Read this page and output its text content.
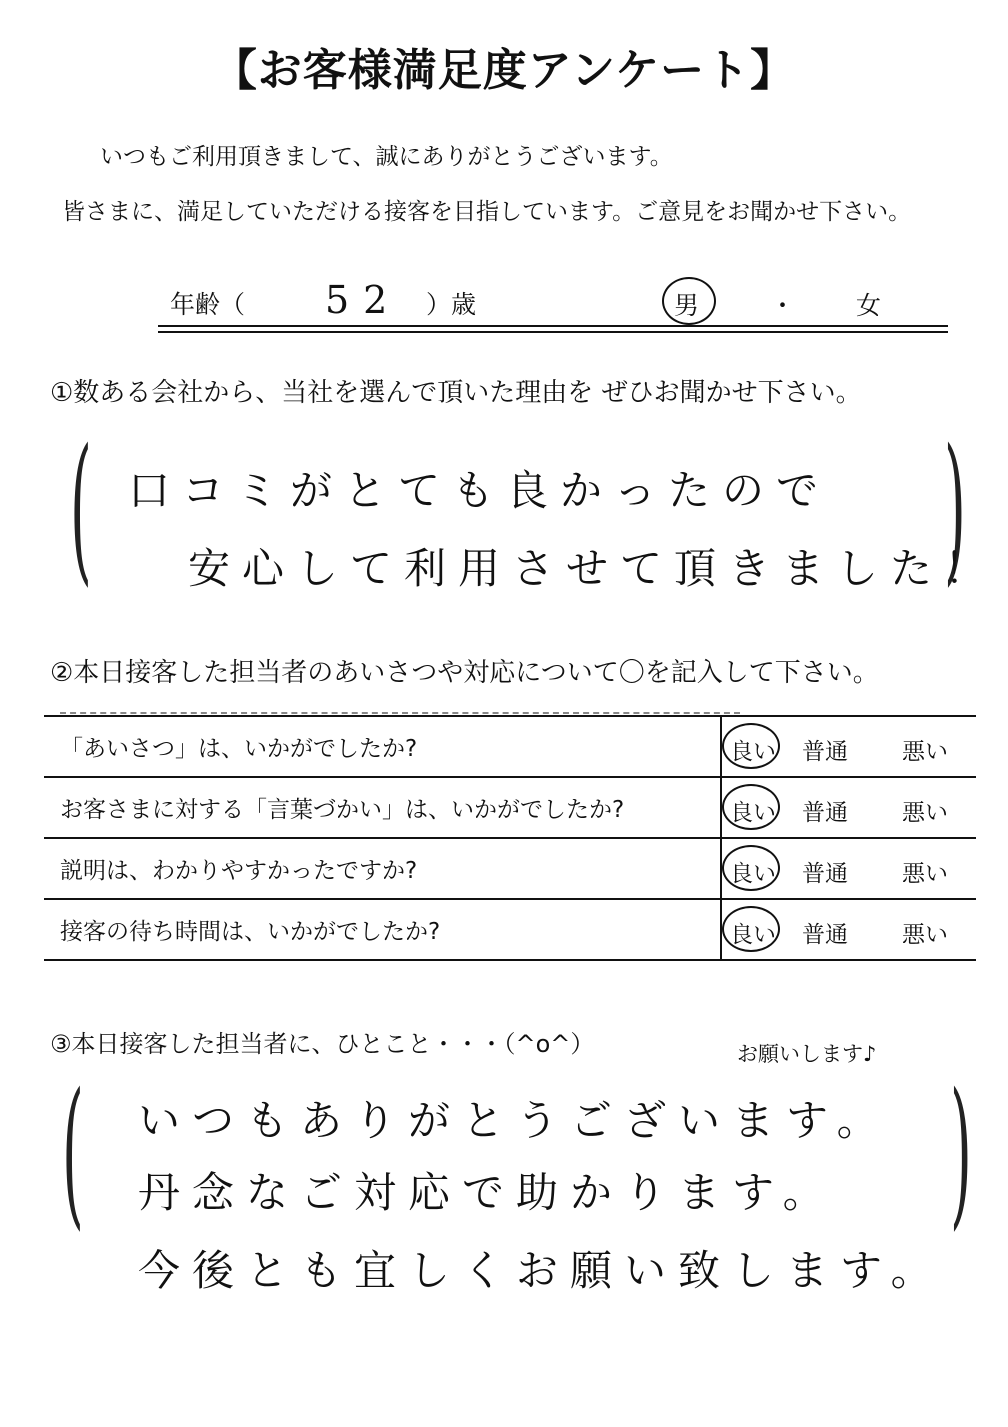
【お客様満足度アンケート】
いつもご利用頂きまして、誠にありがとうございます。
皆さまに、満足していただける接客を目指しています。ご意見をお聞かせ下さい。
年齢（ 52 ）歳	男	・ 女
①数ある会社から、当社を選んで頂いた理由を ぜひお聞かせ下さい。
(	)
口コミがとても良かったので
安心して利用させて頂きました！
②本日接客した担当者のあいさつや対応について〇を記入して下さい。
「あいさつ」は、いかがでしたか?	良い 普通 悪い

お客さまに対する「言葉づかい」は、いかがでしたか?	良い 普通 悪い

説明は、わかりやすかったですか?	良い 普通 悪い

接客の待ち時間は、いかがでしたか?	良い 普通 悪い
③本日接客した担当者に、ひとこと・・・（^o^）	お願いします♪
(	)
いつもありがとうございます。
丹念なご対応で助かります。
今後とも宜しくお願い致します。
